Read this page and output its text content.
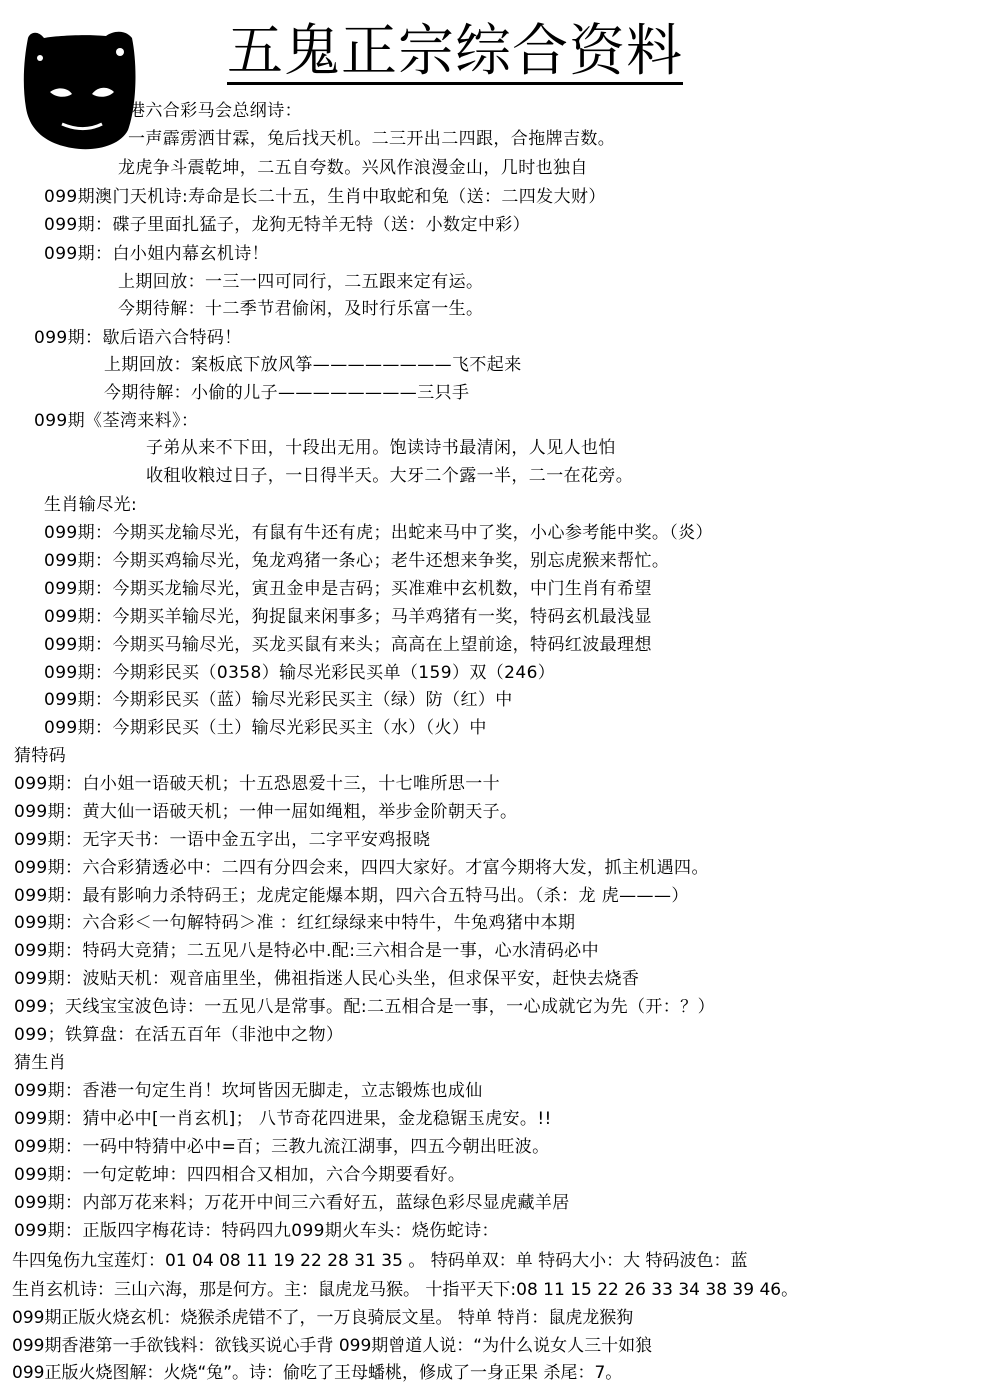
五鬼正宗综合资料
港六合彩马会总纲诗：
一声霹雳洒甘霖，兔后找天机。二三开出二四跟，合拖牌吉数。
龙虎争斗震乾坤，二五自夸数。兴风作浪漫金山，几时也独自
099期澳门天机诗:寿命是长二十五，生肖中取蛇和兔（送：二四发大财）
099期：碟子里面扎猛子，龙狗无特羊无特（送：小数定中彩）
099期：白小姐内幕玄机诗！
上期回放：一三一四可同行，二五跟来定有运。
今期待解：十二季节君偷闲，及时行乐富一生。
099期：歇后语六合特码！
上期回放：案板底下放风筝————————飞不起来
今期待解：小偷的儿子————————三只手
099期《荃湾来料》：
子弟从来不下田，十段出无用。饱读诗书最清闲，人见人也怕
收租收粮过日子，一日得半天。大牙二个露一半，二一在花旁。
生肖输尽光:
099期：今期买龙输尽光，有鼠有牛还有虎；出蛇来马中了奖，小心参考能中奖。（炎）
099期：今期买鸡输尽光，兔龙鸡猪一条心；老牛还想来争奖，别忘虎猴来帮忙。
099期：今期买龙输尽光，寅丑金申是吉码；买准难中玄机数，中门生肖有希望
099期：今期买羊输尽光，狗捉鼠来闲事多；马羊鸡猪有一奖，特码玄机最浅显
099期：今期买马输尽光，买龙买鼠有来头；高高在上望前途，特码红波最理想
099期：今期彩民买（0358）输尽光彩民买单（159）双（246）
099期：今期彩民买（蓝）输尽光彩民买主（绿）防（红）中
099期：今期彩民买（土）输尽光彩民买主（水）（火）中
猜特码
099期：白小姐一语破天机；十五恐恩爱十三，十七唯所思一十
099期：黄大仙一语破天机；一伸一屈如绳粗，举步金阶朝天子。
099期：无字天书：一语中金五字出，二字平安鸡报晓
099期：六合彩猜透必中：二四有分四会来，四四大家好。才富今期将大发，抓主机遇四。
099期：最有影响力杀特码王；龙虎定能爆本期，四六合五特马出。（杀：龙 虎———）
099期：六合彩＜一句解特码＞准 ：红红绿绿来中特牛，牛兔鸡猪中本期
099期：特码大竞猜；二五见八是特必中.配:三六相合是一事，心水清码必中
099期：波贴天机：观音庙里坐，佛祖指迷人民心头坐，但求保平安，赶快去烧香
099；天线宝宝波色诗：一五见八是常事。配:二五相合是一事，一心成就它为先（开：？）
099；铁算盘：在活五百年（非池中之物）
猜生肖
099期：香港一句定生肖！坎坷皆因无脚走，立志锻炼也成仙
099期：猜中必中[一肖玄机]； 八节奇花四进果，金龙稳锯玉虎安。!!
099期：一码中特猜中必中=百；三教九流江湖事，四五今朝出旺波。
099期：一句定乾坤：四四相合又相加，六合今期要看好。
099期：内部万花来料；万花开中间三六看好五，蓝绿色彩尽显虎藏羊居
099期：正版四字梅花诗：特码四九099期火车头：烧伤蛇诗：
牛四兔伤九宝莲灯：01 04 08 11 19 22 28 31 35 。 特码单双：单 特码大小：大 特码波色：蓝
生肖玄机诗：三山六海，那是何方。主：鼠虎龙马猴。 十指平天下:08 11 15 22 26 33 34 38 39 46。
099期正版火烧玄机：烧猴杀虎错不了，一万良骑辰文星。 特单 特肖：鼠虎龙猴狗
099期香港第一手欲钱料：欲钱买说心手背 099期曾道人说：“为什么说女人三十如狼
099正版火烧图解：火烧“兔”。诗：偷吃了王母蟠桃，修成了一身正果 杀尾：7。
